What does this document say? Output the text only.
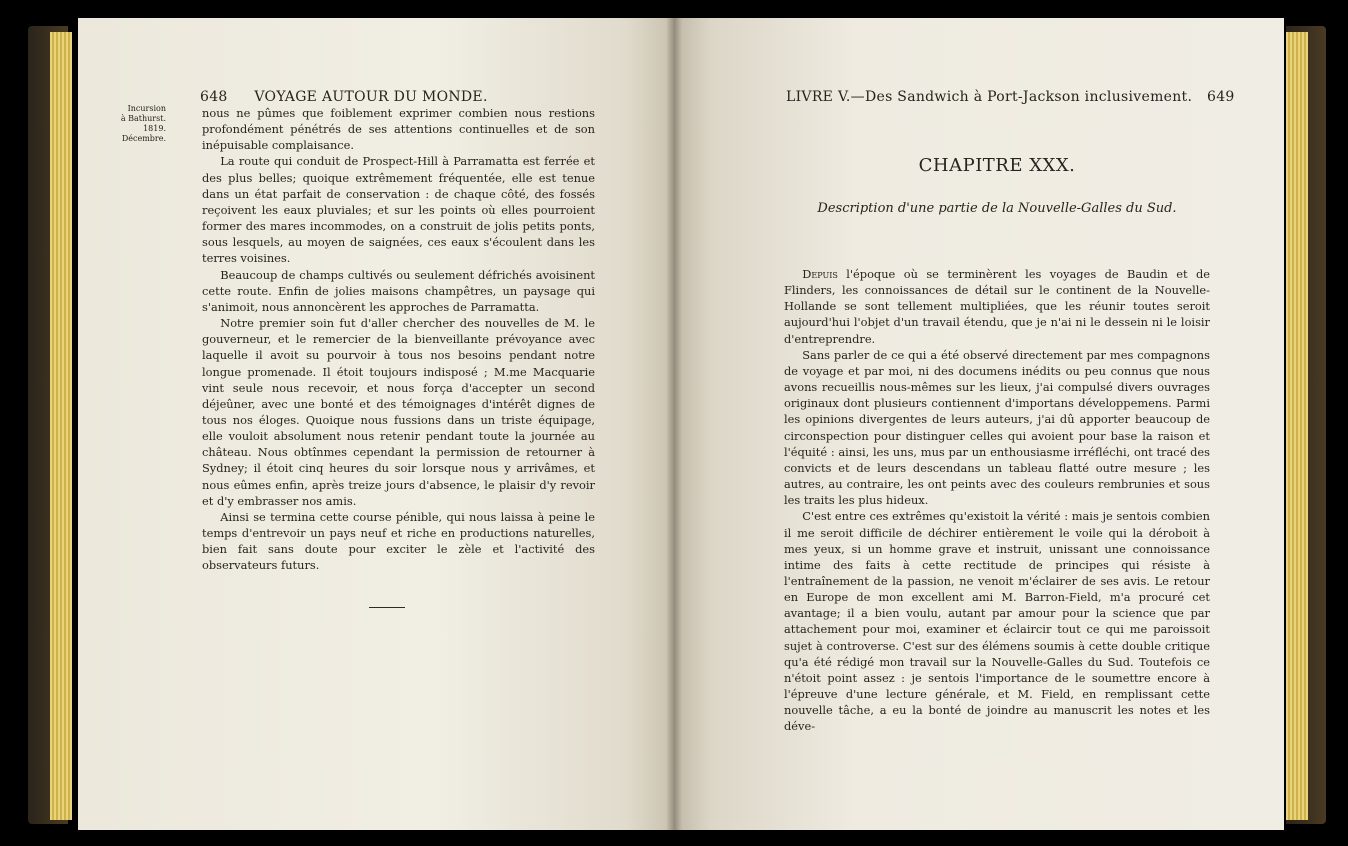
648 VOYAGE AUTOUR DU MONDE.
Incursion
à Bathurst.
1819.
Décembre.

nous ne pûmes que foiblement exprimer combien nous restions profondément pénétrés de ses attentions continuelles et de son inépuisable complaisance.

La route qui conduit de Prospect-Hill à Parramatta est ferrée et des plus belles; quoique extrêmement fréquentée, elle est tenue dans un état parfait de conservation : de chaque côté, des fossés reçoivent les eaux pluviales; et sur les points où elles pourroient former des mares incommodes, on a construit de jolis petits ponts, sous lesquels, au moyen de saignées, ces eaux s'écoulent dans les terres voisines.

Beaucoup de champs cultivés ou seulement défrichés avoisinent cette route. Enfin de jolies maisons champêtres, un paysage qui s'animoit, nous annoncèrent les approches de Parramatta.

Notre premier soin fut d'aller chercher des nouvelles de M. le gouverneur, et le remercier de la bienveillante prévoyance avec laquelle il avoit su pourvoir à tous nos besoins pendant notre longue promenade. Il étoit toujours indisposé ; M.me Macquarie vint seule nous recevoir, et nous força d'accepter un second déjeûner, avec une bonté et des témoignages d'intérêt dignes de tous nos éloges. Quoique nous fussions dans un triste équipage, elle vouloit absolument nous retenir pendant toute la journée au château. Nous obtînmes cependant la permission de retourner à Sydney; il étoit cinq heures du soir lorsque nous y arrivâmes, et nous eûmes enfin, après treize jours d'absence, le plaisir d'y revoir et d'y embrasser nos amis.

Ainsi se termina cette course pénible, qui nous laissa à peine le temps d'entrevoir un pays neuf et riche en productions naturelles, bien fait sans doute pour exciter le zèle et l'activité des observateurs futurs.

LIVRE V.—Des Sandwich à Port-Jackson inclusivement. 649
CHAPITRE XXX.
Description d'une partie de la Nouvelle-Galles du Sud.

Depuis l'époque où se terminèrent les voyages de Baudin et de Flinders, les connoissances de détail sur le continent de la Nouvelle-Hollande se sont tellement multipliées, que les réunir toutes seroit aujourd'hui l'objet d'un travail étendu, que je n'ai ni le dessein ni le loisir d'entreprendre.

Sans parler de ce qui a été observé directement par mes compagnons de voyage et par moi, ni des documens inédits ou peu connus que nous avons recueillis nous-mêmes sur les lieux, j'ai compulsé divers ouvrages originaux dont plusieurs contiennent d'importans développemens. Parmi les opinions divergentes de leurs auteurs, j'ai dû apporter beaucoup de circonspection pour distinguer celles qui avoient pour base la raison et l'équité : ainsi, les uns, mus par un enthousiasme irréfléchi, ont tracé des convicts et de leurs descendans un tableau flatté outre mesure ; les autres, au contraire, les ont peints avec des couleurs rembrunies et sous les traits les plus hideux.

C'est entre ces extrêmes qu'existoit la vérité : mais je sentois combien il me seroit difficile de déchirer entièrement le voile qui la déroboit à mes yeux, si un homme grave et instruit, unissant une connoissance intime des faits à cette rectitude de principes qui résiste à l'entraînement de la passion, ne venoit m'éclairer de ses avis. Le retour en Europe de mon excellent ami M. Barron-Field, m'a procuré cet avantage; il a bien voulu, autant par amour pour la science que par attachement pour moi, examiner et éclaircir tout ce qui me paroissoit sujet à controverse. C'est sur des élémens soumis à cette double critique qu'a été rédigé mon travail sur la Nouvelle-Galles du Sud. Toutefois ce n'étoit point assez : je sentois l'importance de le soumettre encore à l'épreuve d'une lecture générale, et M. Field, en remplissant cette nouvelle tâche, a eu la bonté de joindre au manuscrit les notes et les déve-
